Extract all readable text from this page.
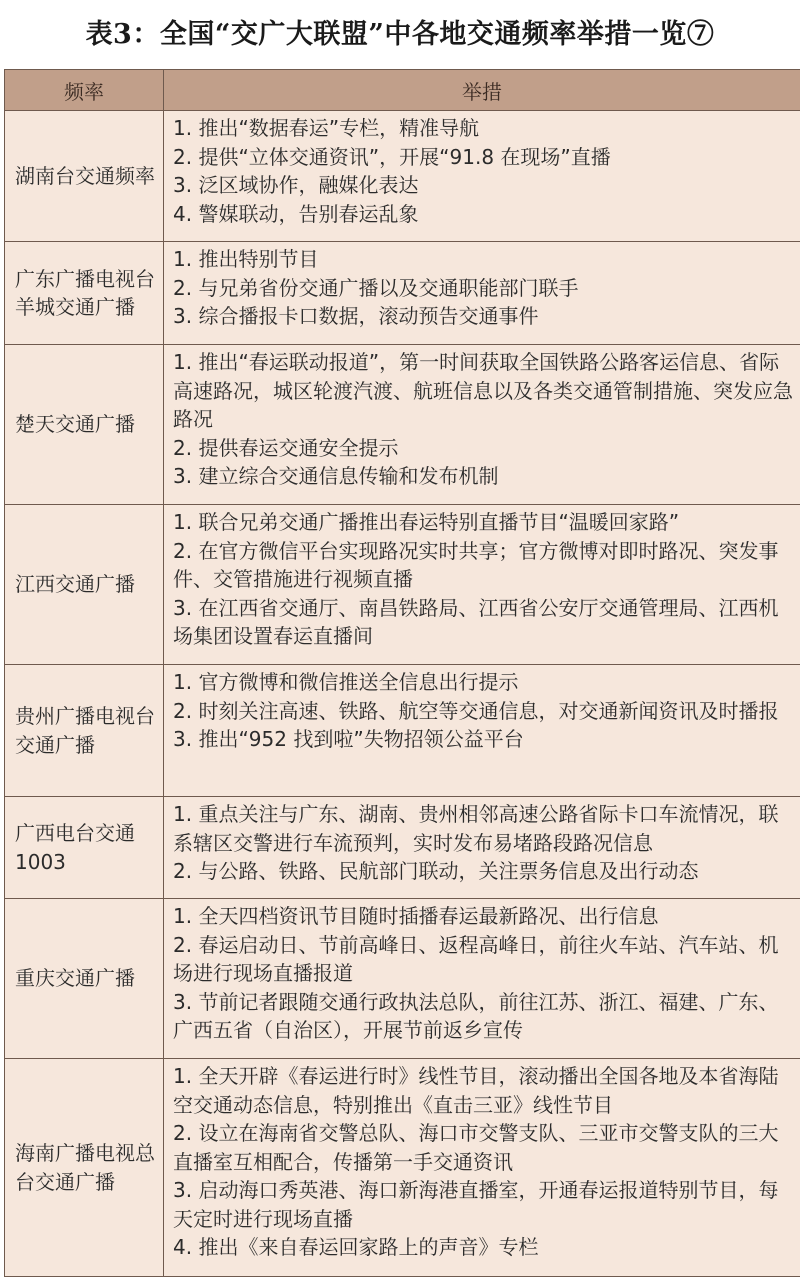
表3：全国“交广大联盟”中各地交通频率举措一览⑦
频率	举措
湖南台交通频率	1. 推出“数据春运”专栏，精准导航
2. 提供“立体交通资讯”，开展“91.8 在现场”直播
3. 泛区域协作，融媒化表达
4. 警媒联动，告别春运乱象

广东广播电视台羊城交通广播	1. 推出特别节目
2. 与兄弟省份交通广播以及交通职能部门联手
3. 综合播报卡口数据，滚动预告交通事件

楚天交通广播	1. 推出“春运联动报道”，第一时间获取全国铁路公路客运信息、省际高速路况，城区轮渡汽渡、航班信息以及各类交通管制措施、突发应急路况
2. 提供春运交通安全提示
3. 建立综合交通信息传输和发布机制

江西交通广播	1. 联合兄弟交通广播推出春运特别直播节目“温暖回家路”
2. 在官方微信平台实现路况实时共享；官方微博对即时路况、突发事件、交管措施进行视频直播
3. 在江西省交通厅、南昌铁路局、江西省公安厅交通管理局、江西机场集团设置春运直播间

贵州广播电视台交通广播	1. 官方微博和微信推送全信息出行提示
2. 时刻关注高速、铁路、航空等交通信息，对交通新闻资讯及时播报
3. 推出“952 找到啦”失物招领公益平台

广西电台交通1003	1. 重点关注与广东、湖南、贵州相邻高速公路省际卡口车流情况，联系辖区交警进行车流预判，实时发布易堵路段路况信息
2. 与公路、铁路、民航部门联动，关注票务信息及出行动态

重庆交通广播	1. 全天四档资讯节目随时插播春运最新路况、出行信息
2. 春运启动日、节前高峰日、返程高峰日，前往火车站、汽车站、机场进行现场直播报道
3. 节前记者跟随交通行政执法总队，前往江苏、浙江、福建、广东、广西五省（自治区），开展节前返乡宣传

海南广播电视总台交通广播	1. 全天开辟《春运进行时》线性节目，滚动播出全国各地及本省海陆空交通动态信息，特别推出《直击三亚》线性节目
2. 设立在海南省交警总队、海口市交警支队、三亚市交警支队的三大直播室互相配合，传播第一手交通资讯
3. 启动海口秀英港、海口新海港直播室，开通春运报道特别节目，每天定时进行现场直播
4. 推出《来自春运回家路上的声音》专栏
